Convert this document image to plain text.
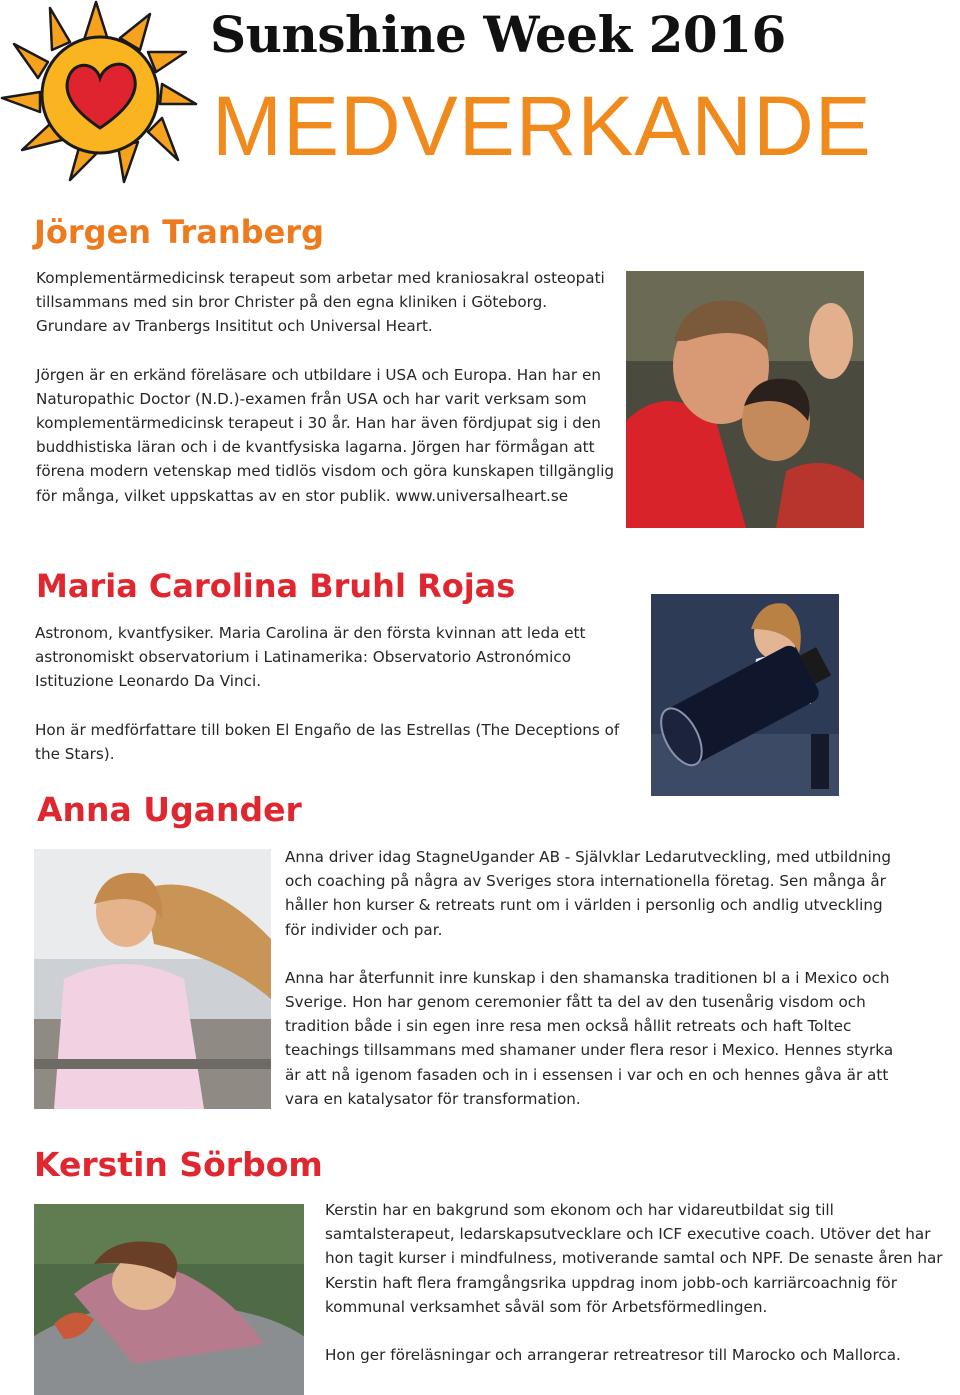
Sunshine Week 2016
MEDVERKANDE
Jörgen Tranberg

Komplementärmedicinsk terapeut som arbetar med kraniosakral osteopati tillsammans med sin bror Christer på den egna kliniken i Göteborg. Grundare av Tranbergs Insititut och Universal Heart.

Jörgen är en erkänd föreläsare och utbildare i USA och Europa. Han har en Naturopathic Doctor (N.D.)-examen från USA och har varit verksam som komplementärmedicinsk terapeut i 30 år. Han har även fördjupat sig i den buddhistiska läran och i de kvantfysiska lagarna. Jörgen har förmågan att förena modern vetenskap med tidlös visdom och göra kunskapen tillgänglig för många, vilket uppskattas av en stor publik. www.universalheart.se

Maria Carolina Bruhl Rojas

Astronom, kvantfysiker. Maria Carolina är den första kvinnan att leda ett astronomiskt observatorium i Latinamerika: Observatorio Astronómico Istituzione Leonardo Da Vinci.

Hon är medförfattare till boken El Engaño de las Estrellas (The Deceptions of the Stars).

Anna Ugander

Anna driver idag StagneUgander AB - Självklar Ledarutveckling, med utbildning och coaching på några av Sveriges stora internationella företag. Sen många år håller hon kurser & retreats runt om i världen i personlig och andlig utveckling för individer och par.

Anna har återfunnit inre kunskap i den shamanska traditionen bl a i Mexico och Sverige. Hon har genom ceremonier fått ta del av den tusenårig visdom och tradition både i sin egen inre resa men också hållit retreats och haft Toltec teachings tillsammans med shamaner under flera resor i Mexico. Hennes styrka är att nå igenom fasaden och in i essensen i var och en och hennes gåva är att vara en katalysator för transformation.

Kerstin Sörbom

Kerstin har en bakgrund som ekonom och har vidareutbildat sig till samtalsterapeut, ledarskapsutvecklare och ICF executive coach. Utöver det har hon tagit kurser i mindfulness, motiverande samtal och NPF. De senaste åren har Kerstin haft flera framgångsrika uppdrag inom jobb-och karriärcoachnig för kommunal verksamhet såväl som för Arbetsförmedlingen.

Hon ger föreläsningar och arrangerar retreatresor till Marocko och Mallorca.
